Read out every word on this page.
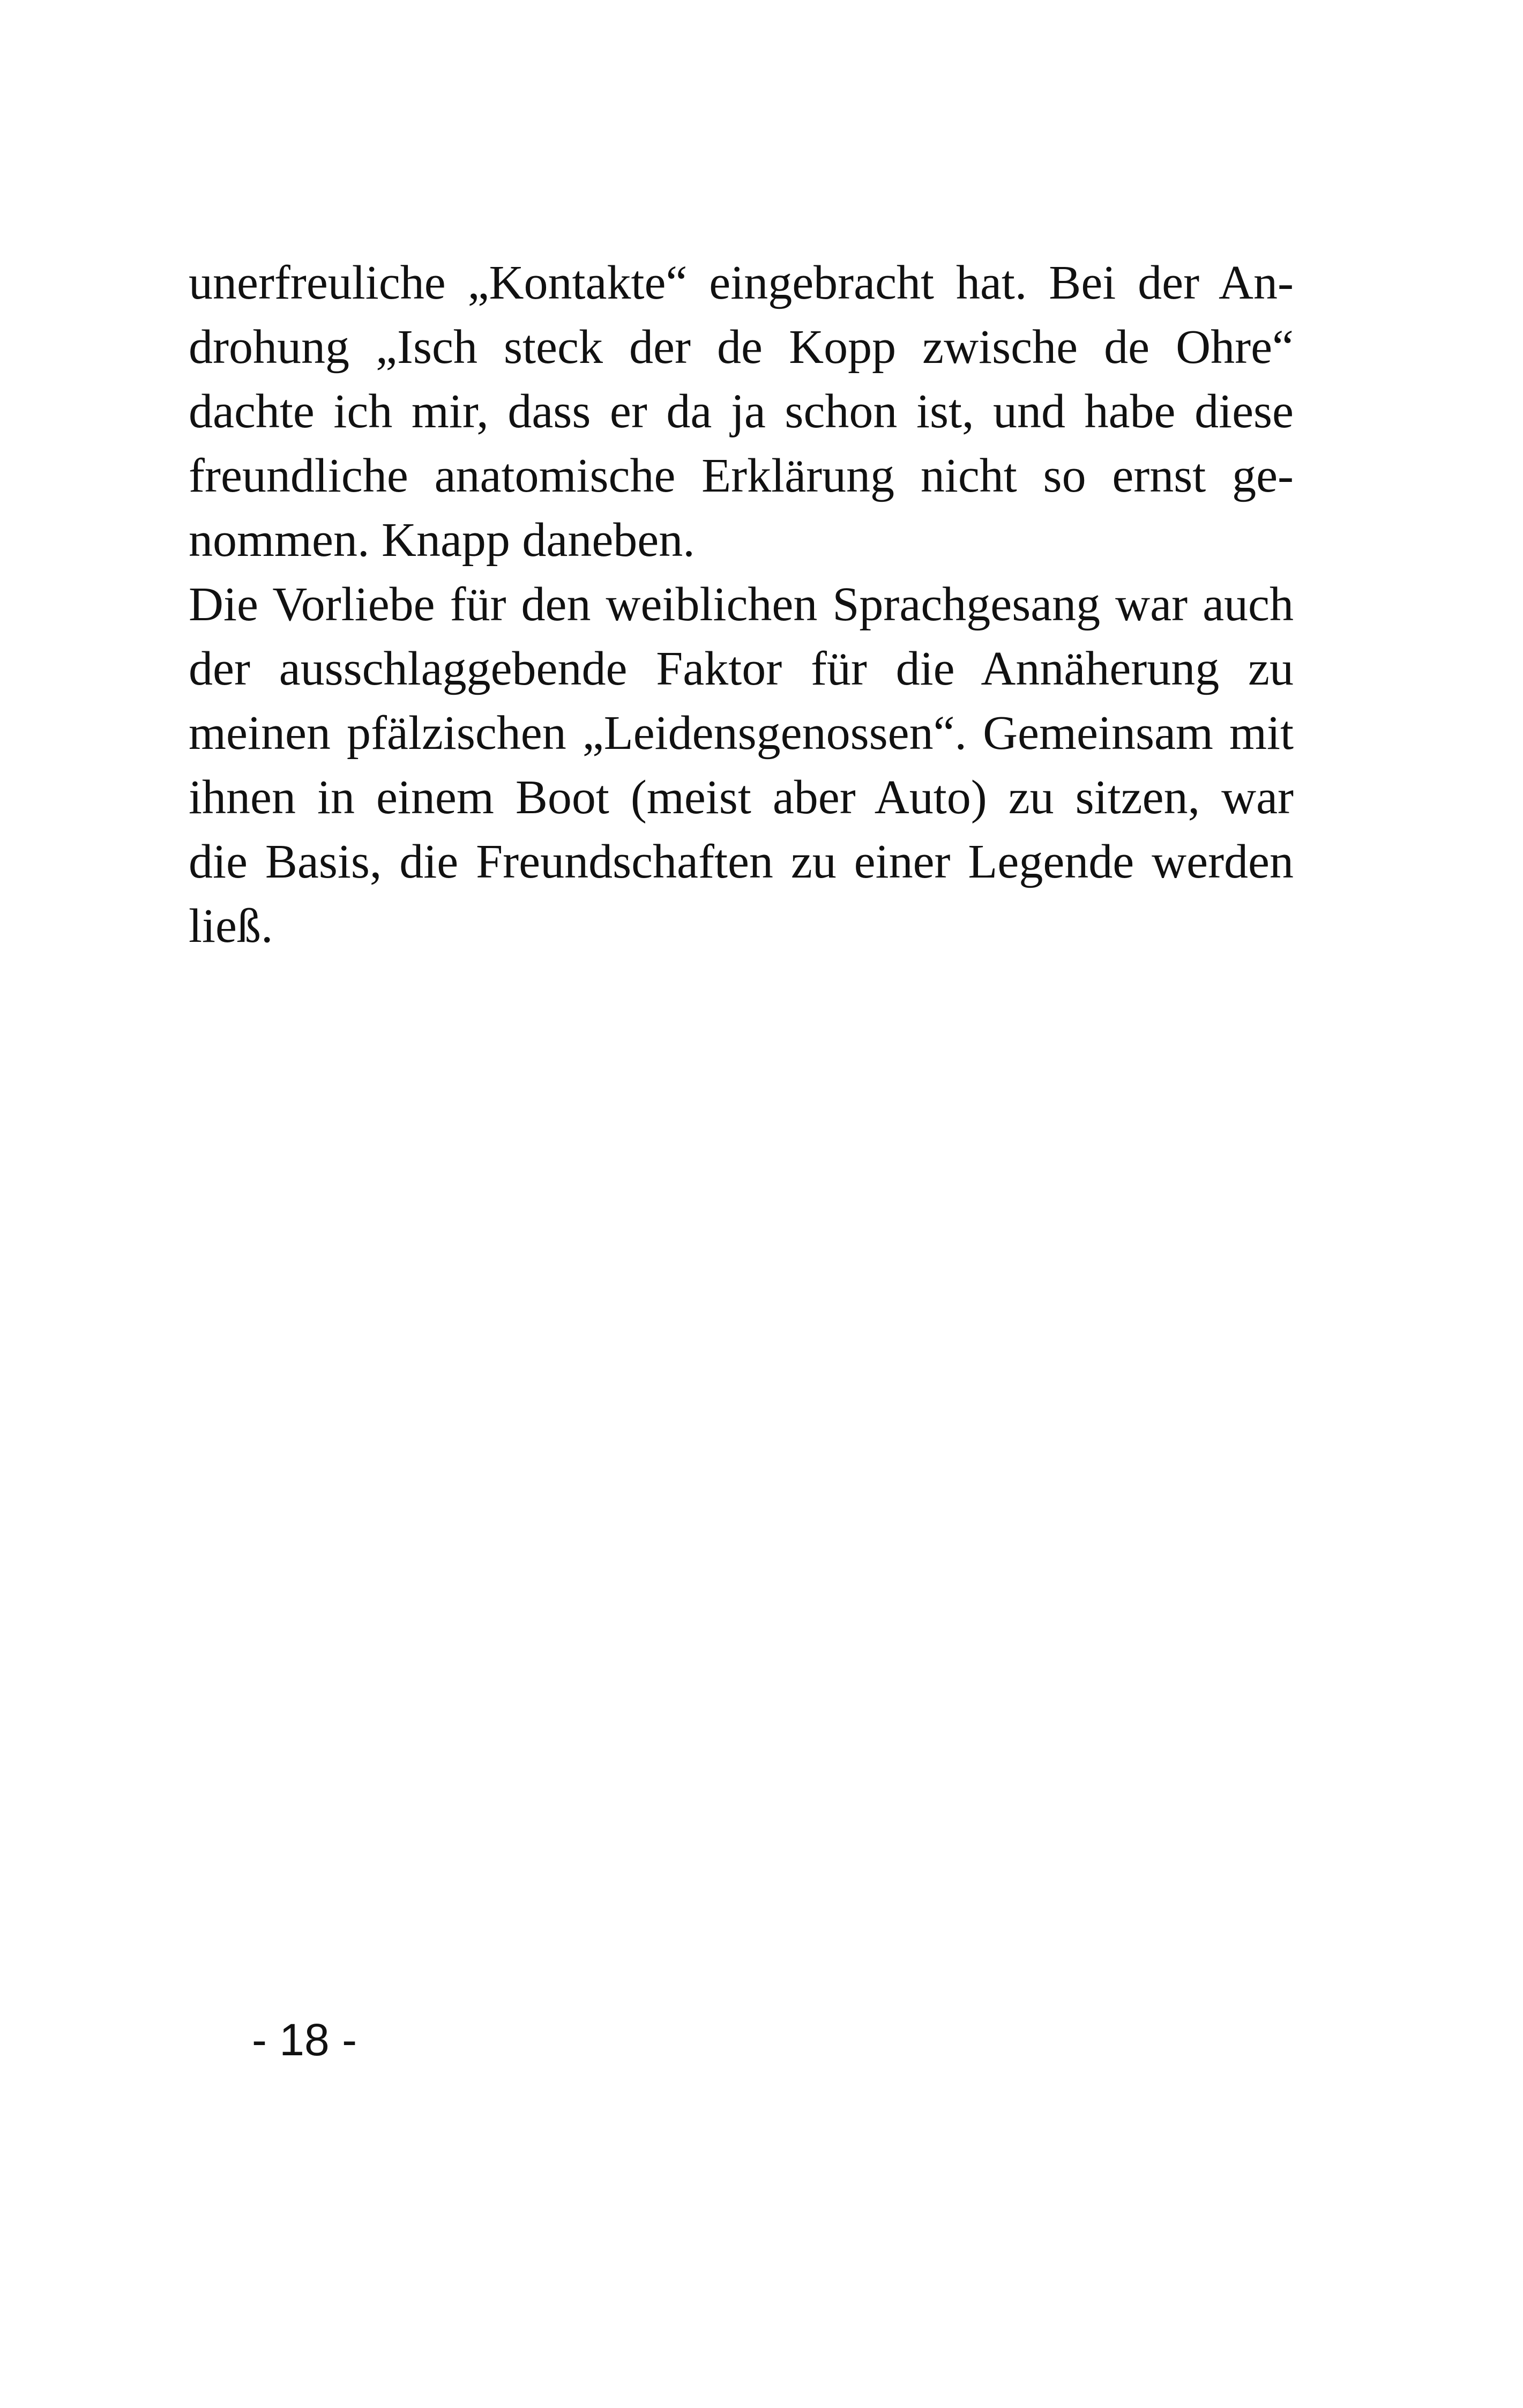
unerfreuliche „Kontakte“ eingebracht hat. Bei der An-
drohung „Isch steck der de Kopp zwische de Ohre“
dachte ich mir, dass er da ja schon ist, und habe diese
freundliche anatomische Erklärung nicht so ernst ge-
nommen. Knapp daneben.
Die Vorliebe für den weiblichen Sprachgesang war auch
der ausschlaggebende Faktor für die Annäherung zu
meinen pfälzischen „Leidensgenossen“. Gemeinsam mit
ihnen in einem Boot (meist aber Auto) zu sitzen, war
die Basis, die Freundschaften zu einer Legende werden
ließ.
- 18 -
